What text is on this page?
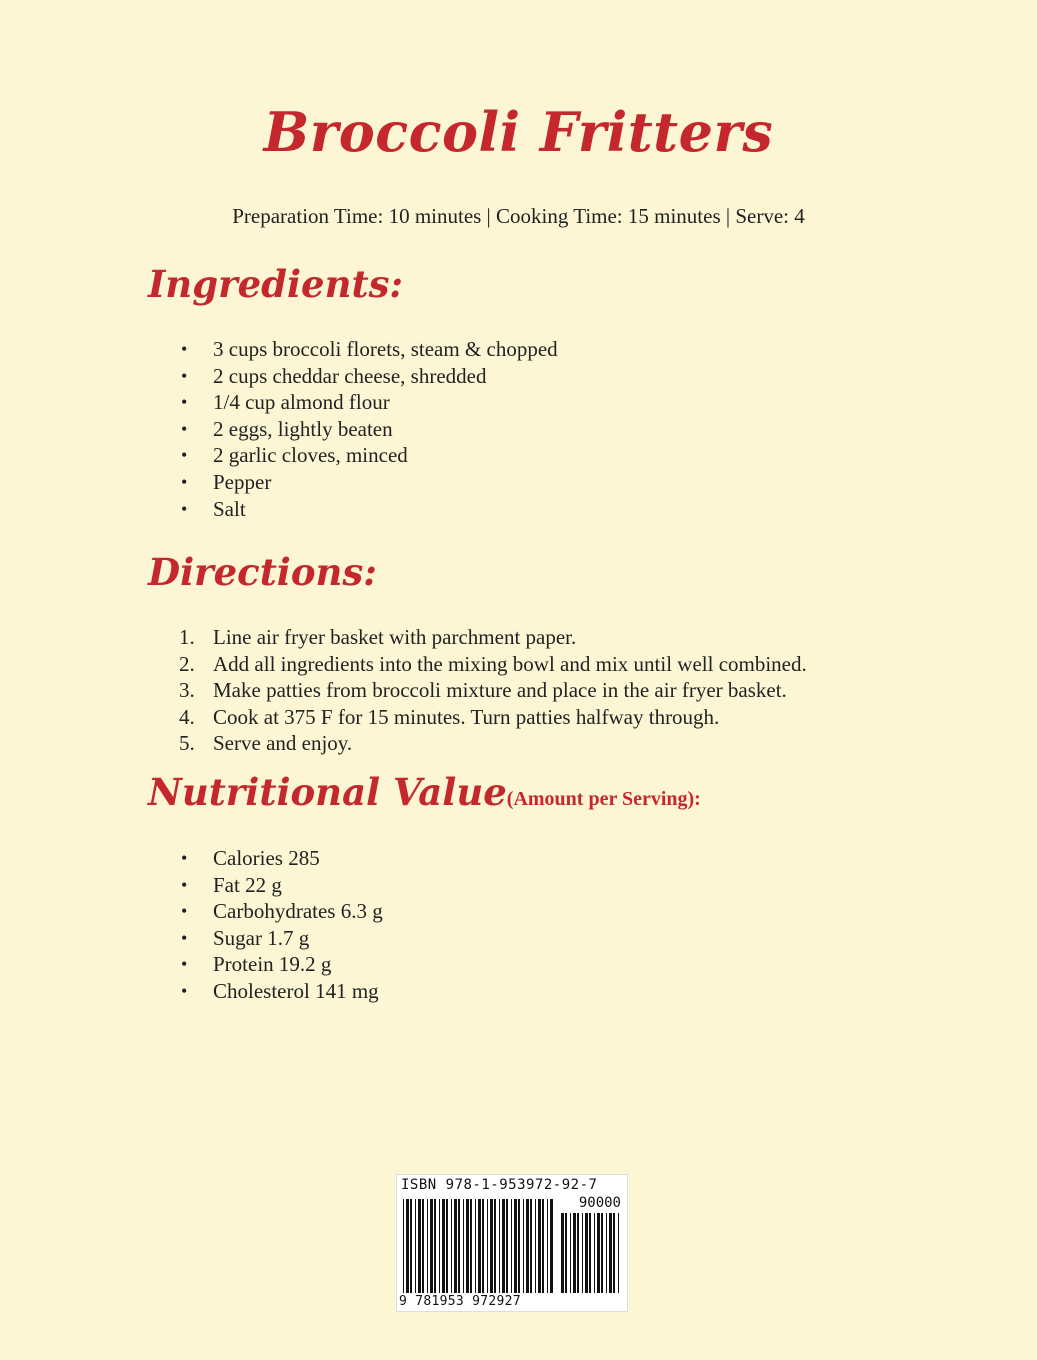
Broccoli Fritters
Preparation Time: 10 minutes | Cooking Time: 15 minutes | Serve: 4
Ingredients:
• 3 cups broccoli florets, steam & chopped
• 2 cups cheddar cheese, shredded
• 1/4 cup almond flour
• 2 eggs, lightly beaten
• 2 garlic cloves, minced
• Pepper
• Salt
Directions:
Line air fryer basket with parchment paper.
Add all ingredients into the mixing bowl and mix until well combined.
Make patties from broccoli mixture and place in the air fryer basket.
Cook at 375 F for 15 minutes. Turn patties halfway through.
Serve and enjoy.
Nutritional Value(Amount per Serving):
• Calories 285
• Fat 22 g
• Carbohydrates 6.3 g
• Sugar 1.7 g
• Protein 19.2 g
• Cholesterol 141 mg
ISBN 978-1-953972-92-7
90000
9 781953 972927
